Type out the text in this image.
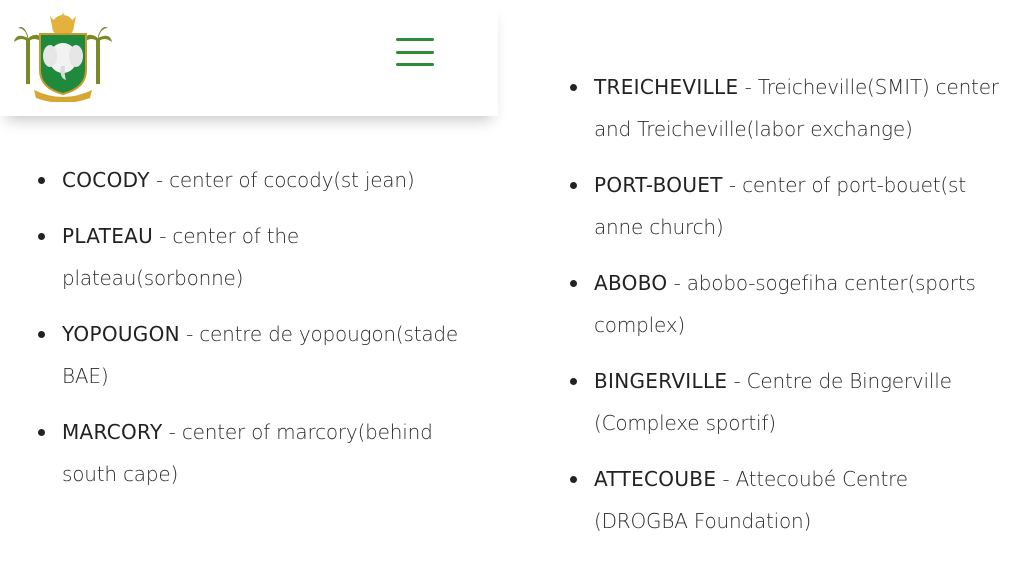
COCODY - center of cocody(st jean)
PLATEAU - center of the plateau(sorbonne)
YOPOUGON - centre de yopougon(stade BAE)
MARCORY - center of marcory(behind south cape)
TREICHEVILLE - Treicheville(SMIT) center and Treicheville(labor exchange)
PORT-BOUET - center of port-bouet(st anne church)
ABOBO - abobo-sogefiha center(sports complex)
BINGERVILLE - Centre de Bingerville (Complexe sportif)
ATTECOUBE - Attecoubé Centre (DROGBA Foundation)
